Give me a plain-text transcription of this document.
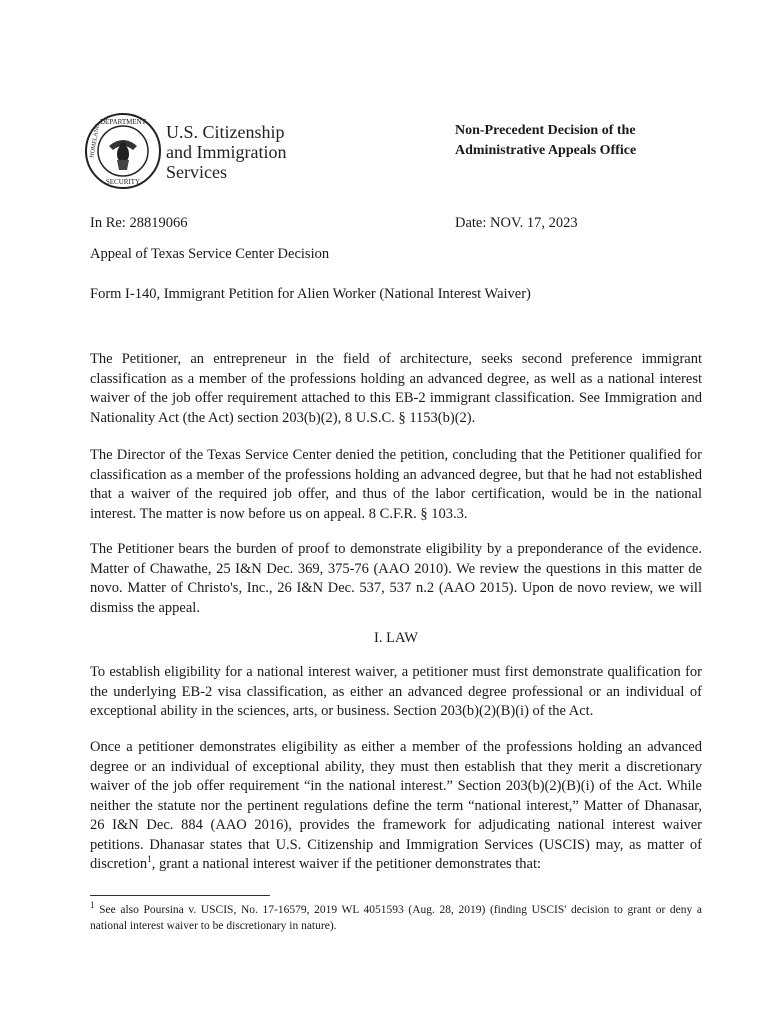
DEPARTMENT
HOMELAND
SECURITY
U.S. Citizenship
and Immigration
Services
Non-Precedent Decision of the
Administrative Appeals Office
In Re: 28819066	Date: NOV. 17, 2023
Appeal of Texas Service Center Decision
Form I-140, Immigrant Petition for Alien Worker (National Interest Waiver)
The Petitioner, an entrepreneur in the field of architecture, seeks second preference immigrant classification as a member of the professions holding an advanced degree, as well as a national interest waiver of the job offer requirement attached to this EB-2 immigrant classification. See Immigration and Nationality Act (the Act) section 203(b)(2), 8 U.S.C. § 1153(b)(2).
The Director of the Texas Service Center denied the petition, concluding that the Petitioner qualified for classification as a member of the professions holding an advanced degree, but that he had not established that a waiver of the required job offer, and thus of the labor certification, would be in the national interest. The matter is now before us on appeal. 8 C.F.R. § 103.3.
The Petitioner bears the burden of proof to demonstrate eligibility by a preponderance of the evidence. Matter of Chawathe, 25 I&N Dec. 369, 375-76 (AAO 2010). We review the questions in this matter de novo. Matter of Christo's, Inc., 26 I&N Dec. 537, 537 n.2 (AAO 2015). Upon de novo review, we will dismiss the appeal.
I. LAW
To establish eligibility for a national interest waiver, a petitioner must first demonstrate qualification for the underlying EB-2 visa classification, as either an advanced degree professional or an individual of exceptional ability in the sciences, arts, or business. Section 203(b)(2)(B)(i) of the Act.
Once a petitioner demonstrates eligibility as either a member of the professions holding an advanced degree or an individual of exceptional ability, they must then establish that they merit a discretionary waiver of the job offer requirement “in the national interest.” Section 203(b)(2)(B)(i) of the Act. While neither the statute nor the pertinent regulations define the term “national interest,” Matter of Dhanasar, 26 I&N Dec. 884 (AAO 2016), provides the framework for adjudicating national interest waiver petitions. Dhanasar states that U.S. Citizenship and Immigration Services (USCIS) may, as matter of discretion$^1$, grant a national interest waiver if the petitioner demonstrates that:
$^1$ See also Poursina v. USCIS, No. 17-16579, 2019 WL 4051593 (Aug. 28, 2019) (finding USCIS' decision to grant or deny a national interest waiver to be discretionary in nature).
